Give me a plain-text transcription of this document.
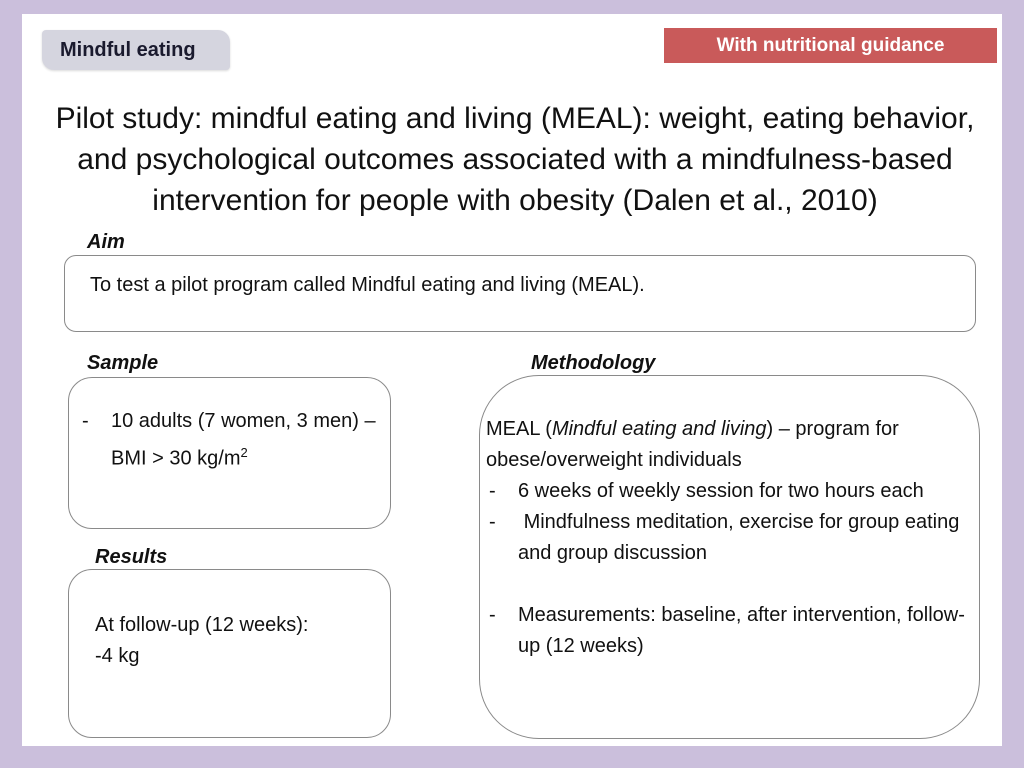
Mindful eating	With nutritional guidance
Pilot study: mindful eating and living (MEAL): weight, eating behavior,
and psychological outcomes associated with a mindfulness-based
intervention for people with obesity (Dalen et al., 2010)
Aim
To test a pilot program called Mindful eating and living (MEAL).
Sample
- 10 adults (7 women, 3 men) – BMI > 30 $kg/m^2$
Results
At follow-up (12 weeks):
-4 kg
Methodology
MEAL (Mindful eating and living) – program for obese/overweight individuals
- 6 weeks of weekly session for two hours each
-  Mindfulness meditation, exercise for group eating and group discussion
- Measurements: baseline, after intervention, follow-up (12 weeks)
